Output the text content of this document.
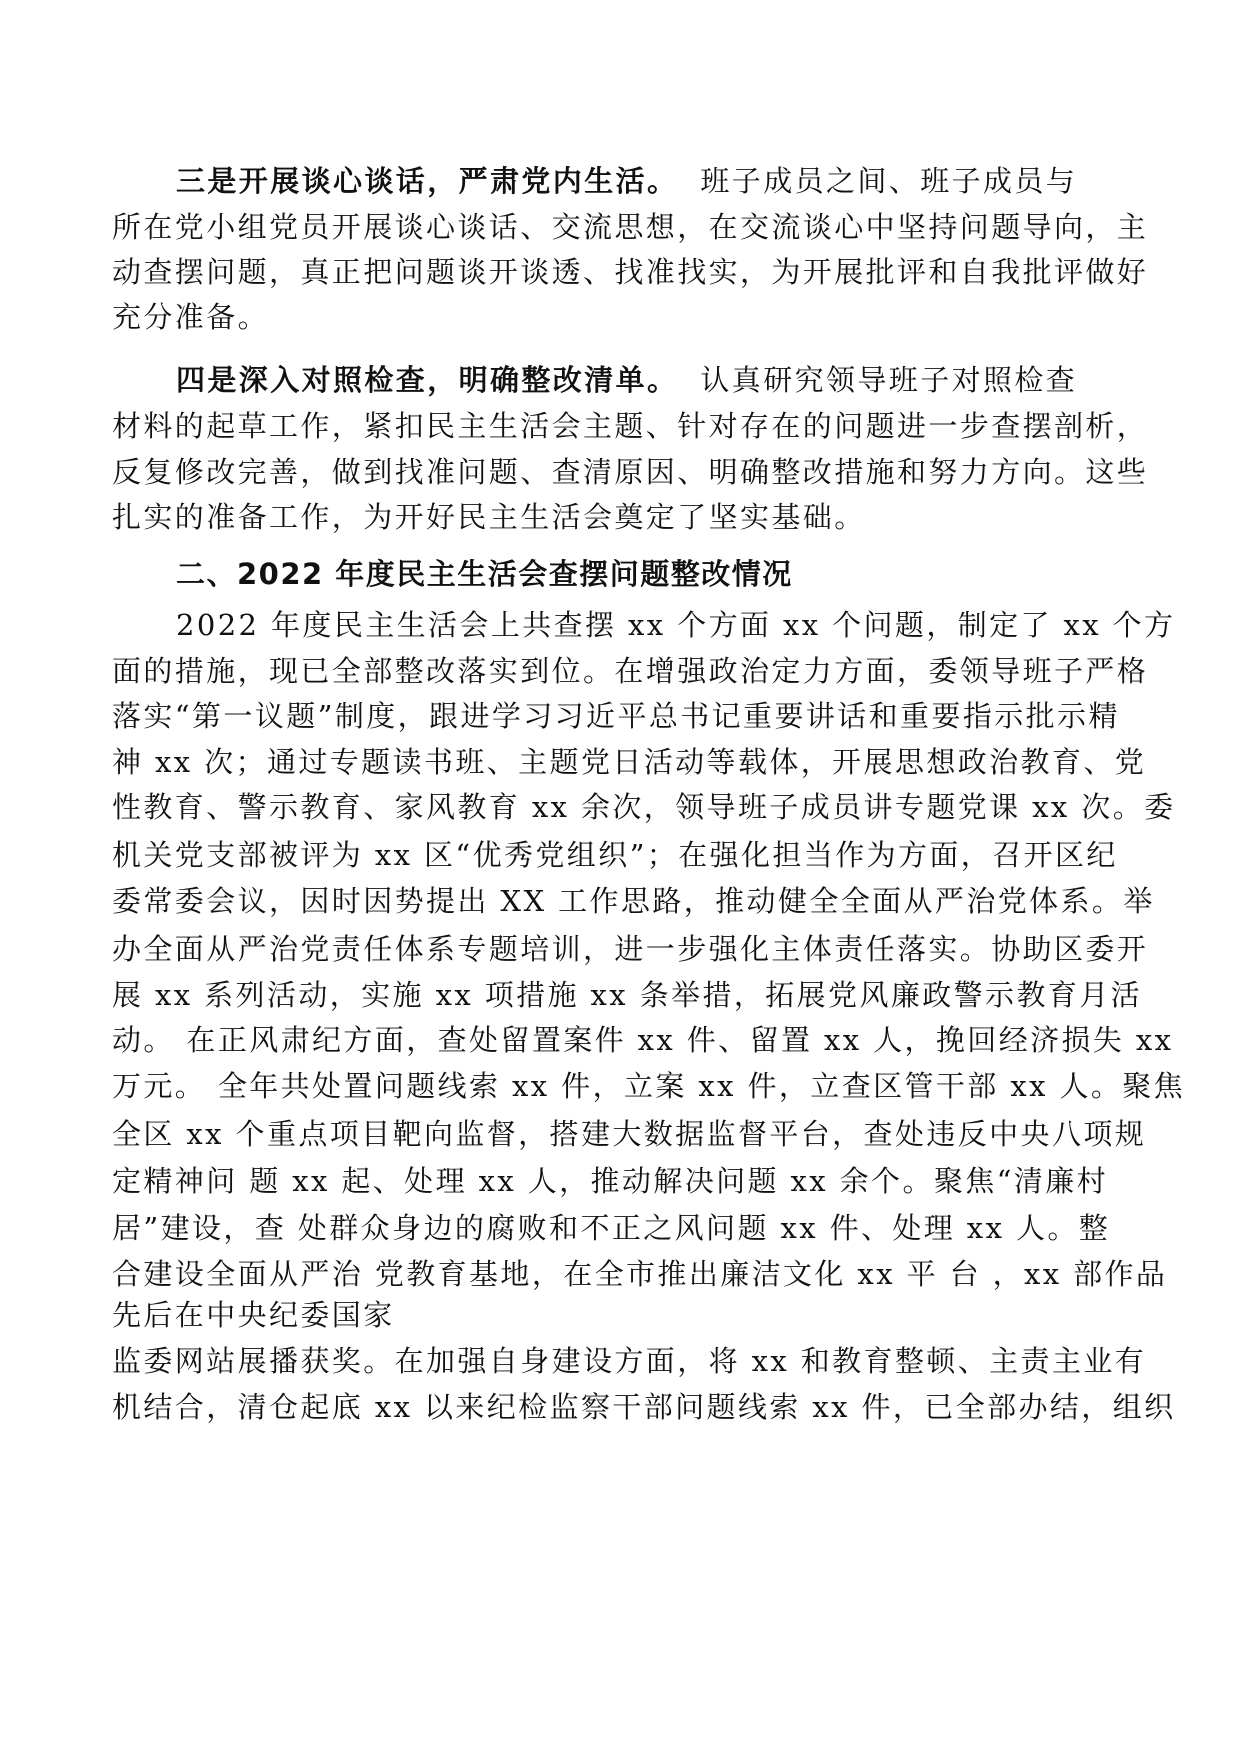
三是开展谈心谈话，严肃党内生活。 班子成员之间、班子成员与
所在党小组党员开展谈心谈话、交流思想，在交流谈心中坚持问题导向，主
动查摆问题，真正把问题谈开谈透、找准找实，为开展批评和自我批评做好
充分准备。
四是深入对照检查，明确整改清单。 认真研究领导班子对照检查
材料的起草工作，紧扣民主生活会主题、针对存在的问题进一步查摆剖析，
反复修改完善，做到找准问题、查清原因、明确整改措施和努力方向。这些
扎实的准备工作，为开好民主生活会奠定了坚实基础。
二、2022 年度民主生活会查摆问题整改情况
2022 年度民主生活会上共查摆 xx 个方面 xx 个问题，制定了 xx 个方
面的措施，现已全部整改落实到位。在增强政治定力方面，委领导班子严格
落实“第一议题”制度，跟进学习习近平总书记重要讲话和重要指示批示精
神 xx 次；通过专题读书班、主题党日活动等载体，开展思想政治教育、党
性教育、警示教育、家风教育 xx 余次，领导班子成员讲专题党课 xx 次。委
机关党支部被评为 xx 区“优秀党组织”；在强化担当作为方面，召开区纪
委常委会议，因时因势提出 XX 工作思路，推动健全全面从严治党体系。举
办全面从严治党责任体系专题培训，进一步强化主体责任落实。协助区委开
展 xx 系列活动，实施 xx 项措施 xx 条举措，拓展党风廉政警示教育月活
动。 在正风肃纪方面，查处留置案件 xx 件、留置 xx 人，挽回经济损失 xx
万元。 全年共处置问题线索 xx 件，立案 xx 件，立查区管干部 xx 人。聚焦
全区 xx 个重点项目靶向监督，搭建大数据监督平台，查处违反中央八项规
定精神问 题 xx 起、处理 xx 人，推动解决问题 xx 余个。聚焦“清廉村
居”建设，查 处群众身边的腐败和不正之风问题 xx 件、处理 xx 人。整
合建设全面从严治 党教育基地，在全市推出廉洁文化 xx 平 台 ，xx 部作品
先后在中央纪委国家
监委网站展播获奖。在加强自身建设方面，将 xx 和教育整顿、主责主业有
机结合，清仓起底 xx 以来纪检监察干部问题线索 xx 件，已全部办结，组织
